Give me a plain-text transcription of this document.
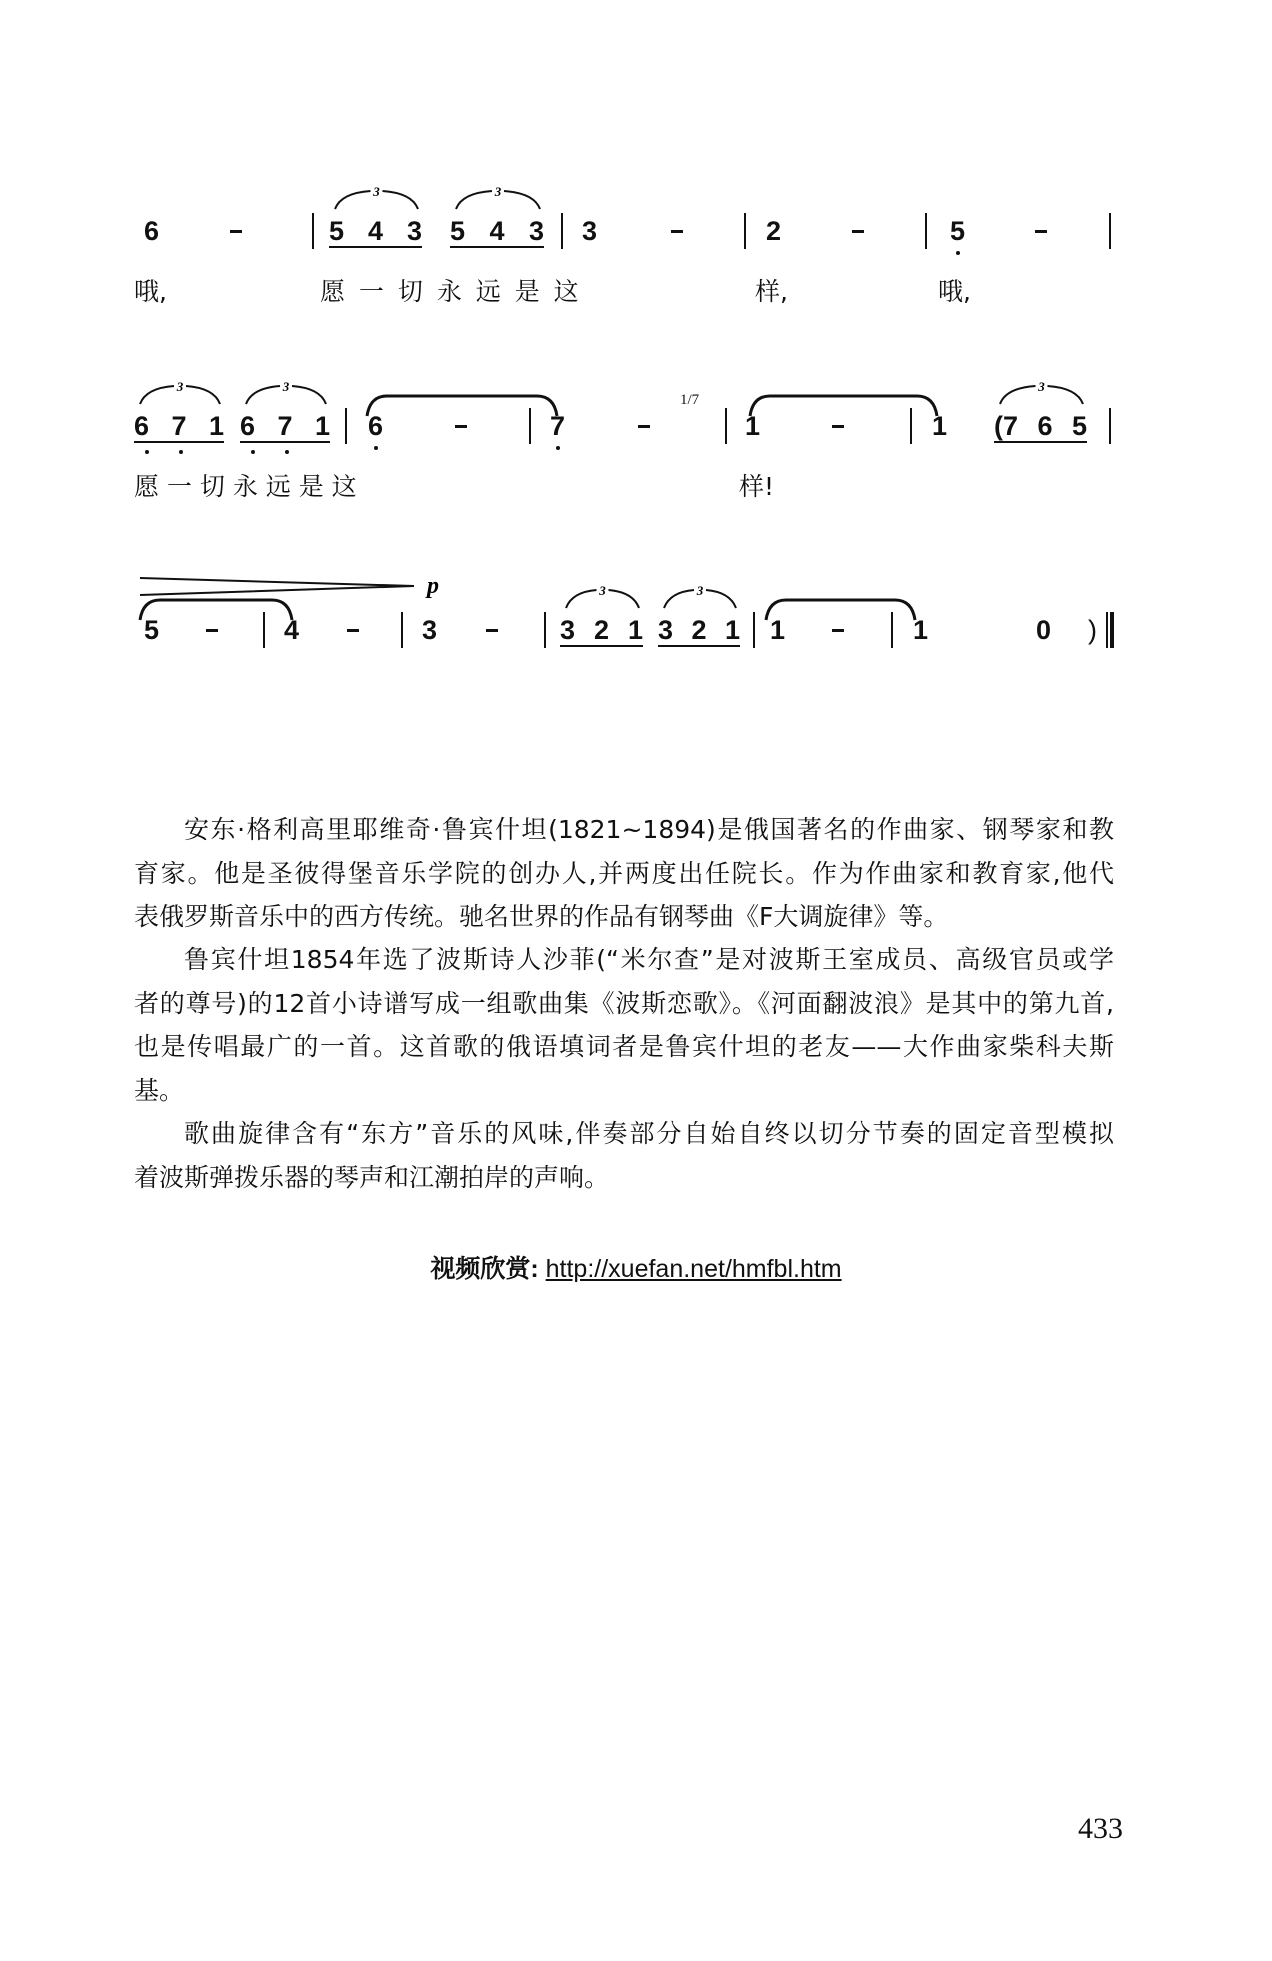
3	3
3	3	3
3	3
p
1/7
6	5 4 3 5 4 3 3	2	5
哦,	愿 一 切 永 远 是 这	样,	哦,
6 7 1 6 7 1 6	7	1	1 (7 6 5
愿 一 切 永 远 是 这	样!
5	4	3	3 2 1 3 2 1 1	1	0 )
安东·格利高里耶维奇·鲁宾什坦(1821~1894)是俄国著名的作曲家、钢琴家和教
育家。他是圣彼得堡音乐学院的创办人,并两度出任院长。作为作曲家和教育家,他代
表俄罗斯音乐中的西方传统。驰名世界的作品有钢琴曲《F大调旋律》等。
鲁宾什坦1854年选了波斯诗人沙菲(“米尔查”是对波斯王室成员、高级官员或学
者的尊号)的12首小诗谱写成一组歌曲集《波斯恋歌》。《河面翻波浪》是其中的第九首,
也是传唱最广的一首。这首歌的俄语填词者是鲁宾什坦的老友——大作曲家柴科夫斯
基。
歌曲旋律含有“东方”音乐的风味,伴奏部分自始自终以切分节奏的固定音型模拟
着波斯弹拨乐器的琴声和江潮拍岸的声响。
视频欣赏: http://xuefan.net/hmfbl.htm
433
